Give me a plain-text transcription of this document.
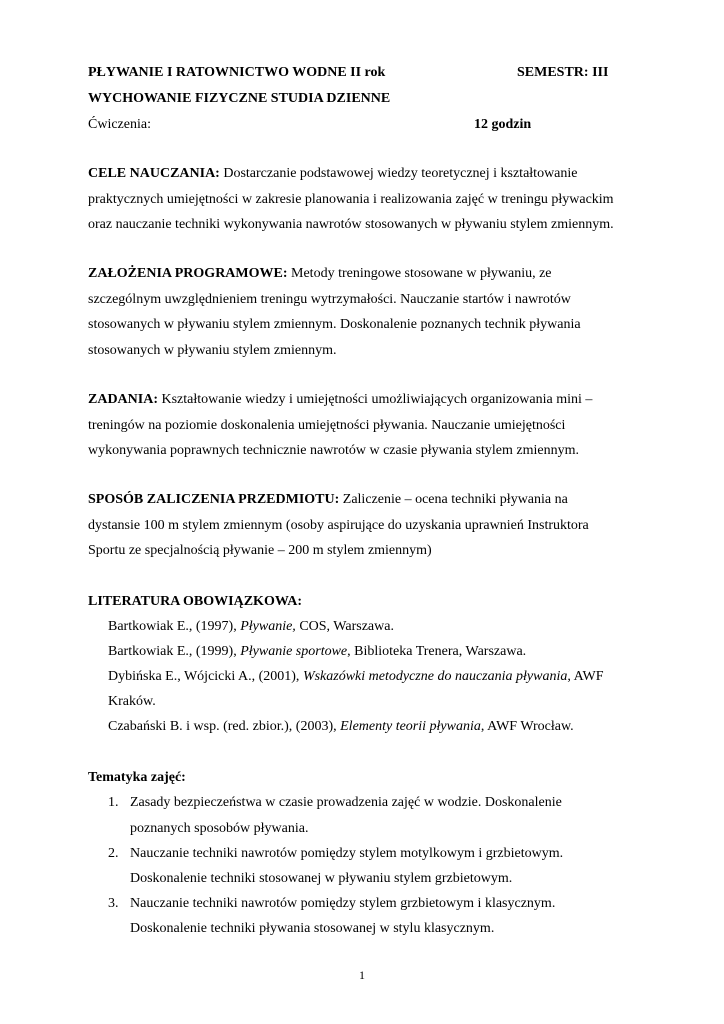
PŁYWANIE I RATOWNICTWO WODNE II rok	SEMESTR: III
WYCHOWANIE FIZYCZNE STUDIA DZIENNE
Ćwiczenia:	12 godzin
CELE NAUCZANIA: Dostarczanie podstawowej wiedzy teoretycznej i kształtowanie
praktycznych umiejętności w zakresie planowania i realizowania zajęć w treningu pływackim
oraz nauczanie techniki wykonywania nawrotów stosowanych w pływaniu stylem zmiennym.
ZAŁOŻENIA PROGRAMOWE: Metody treningowe stosowane w pływaniu, ze
szczególnym uwzględnieniem treningu wytrzymałości. Nauczanie startów i nawrotów
stosowanych w pływaniu stylem zmiennym. Doskonalenie poznanych technik pływania
stosowanych w pływaniu stylem zmiennym.
ZADANIA: Kształtowanie wiedzy i umiejętności umożliwiających organizowania mini –
treningów na poziomie doskonalenia umiejętności pływania. Nauczanie umiejętności
wykonywania poprawnych technicznie nawrotów w czasie pływania stylem zmiennym.
SPOSÓB ZALICZENIA PRZEDMIOTU: Zaliczenie – ocena techniki pływania na
dystansie 100 m stylem zmiennym (osoby aspirujące do uzyskania uprawnień Instruktora
Sportu ze specjalnością pływanie – 200 m stylem zmiennym)
LITERATURA OBOWIĄZKOWA:
Bartkowiak E., (1997), Pływanie, COS, Warszawa.
Bartkowiak E., (1999), Pływanie sportowe, Biblioteka Trenera, Warszawa.
Dybińska E., Wójcicki A., (2001), Wskazówki metodyczne do nauczania pływania, AWF
Kraków.
Czabański B. i wsp. (red. zbior.), (2003), Elementy teorii pływania, AWF Wrocław.
Tematyka zajęć:
1. Zasady bezpieczeństwa w czasie prowadzenia zajęć w wodzie. Doskonalenie
poznanych sposobów pływania.
2. Nauczanie techniki nawrotów pomiędzy stylem motylkowym i grzbietowym.
Doskonalenie techniki stosowanej w pływaniu stylem grzbietowym.
3. Nauczanie techniki nawrotów pomiędzy stylem grzbietowym i klasycznym.
Doskonalenie techniki pływania stosowanej w stylu klasycznym.
1
